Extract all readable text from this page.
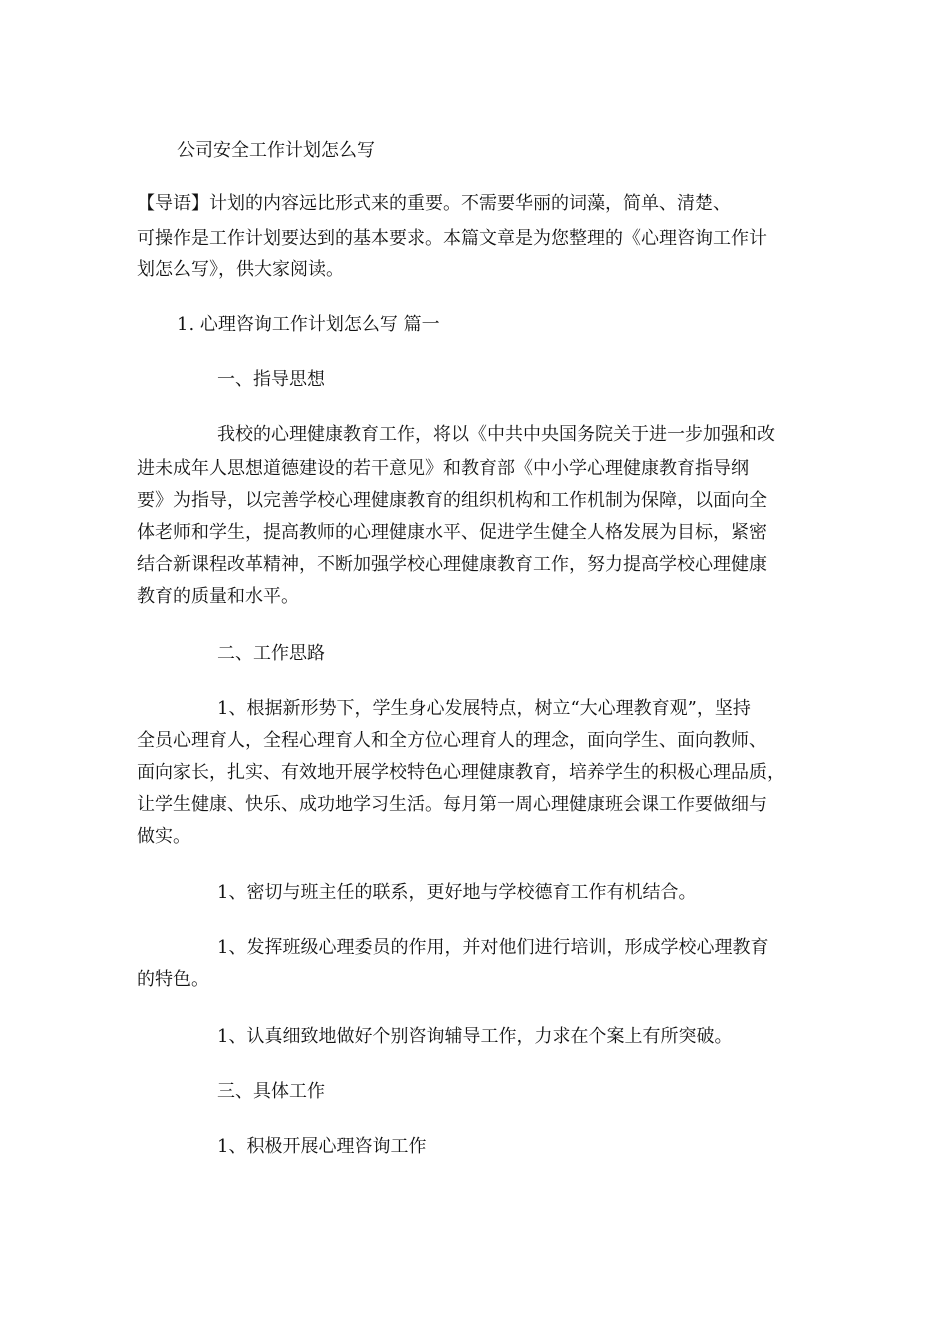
公司安全工作计划怎么写
【导语】计划的内容远比形式来的重要。不需要华丽的词藻，简单、清楚、
可操作是工作计划要达到的基本要求。本篇文章是为您整理的《心理咨询工作计
划怎么写》，供大家阅读。
1. 心理咨询工作计划怎么写 篇一
一、指导思想
我校的心理健康教育工作，将以《中共中央国务院关于进一步加强和改
进未成年人思想道德建设的若干意见》和教育部《中小学心理健康教育指导纲
要》为指导，以完善学校心理健康教育的组织机构和工作机制为保障，以面向全
体老师和学生，提高教师的心理健康水平、促进学生健全人格发展为目标，紧密
结合新课程改革精神，不断加强学校心理健康教育工作，努力提高学校心理健康
教育的质量和水平。
二、工作思路
1、根据新形势下，学生身心发展特点，树立“大心理教育观”，坚持
全员心理育人，全程心理育人和全方位心理育人的理念，面向学生、面向教师、
面向家长，扎实、有效地开展学校特色心理健康教育，培养学生的积极心理品质，
让学生健康、快乐、成功地学习生活。每月第一周心理健康班会课工作要做细与
做实。
1、密切与班主任的联系，更好地与学校德育工作有机结合。
1、发挥班级心理委员的作用，并对他们进行培训，形成学校心理教育
的特色。
1、认真细致地做好个别咨询辅导工作，力求在个案上有所突破。
三、具体工作
1、积极开展心理咨询工作
